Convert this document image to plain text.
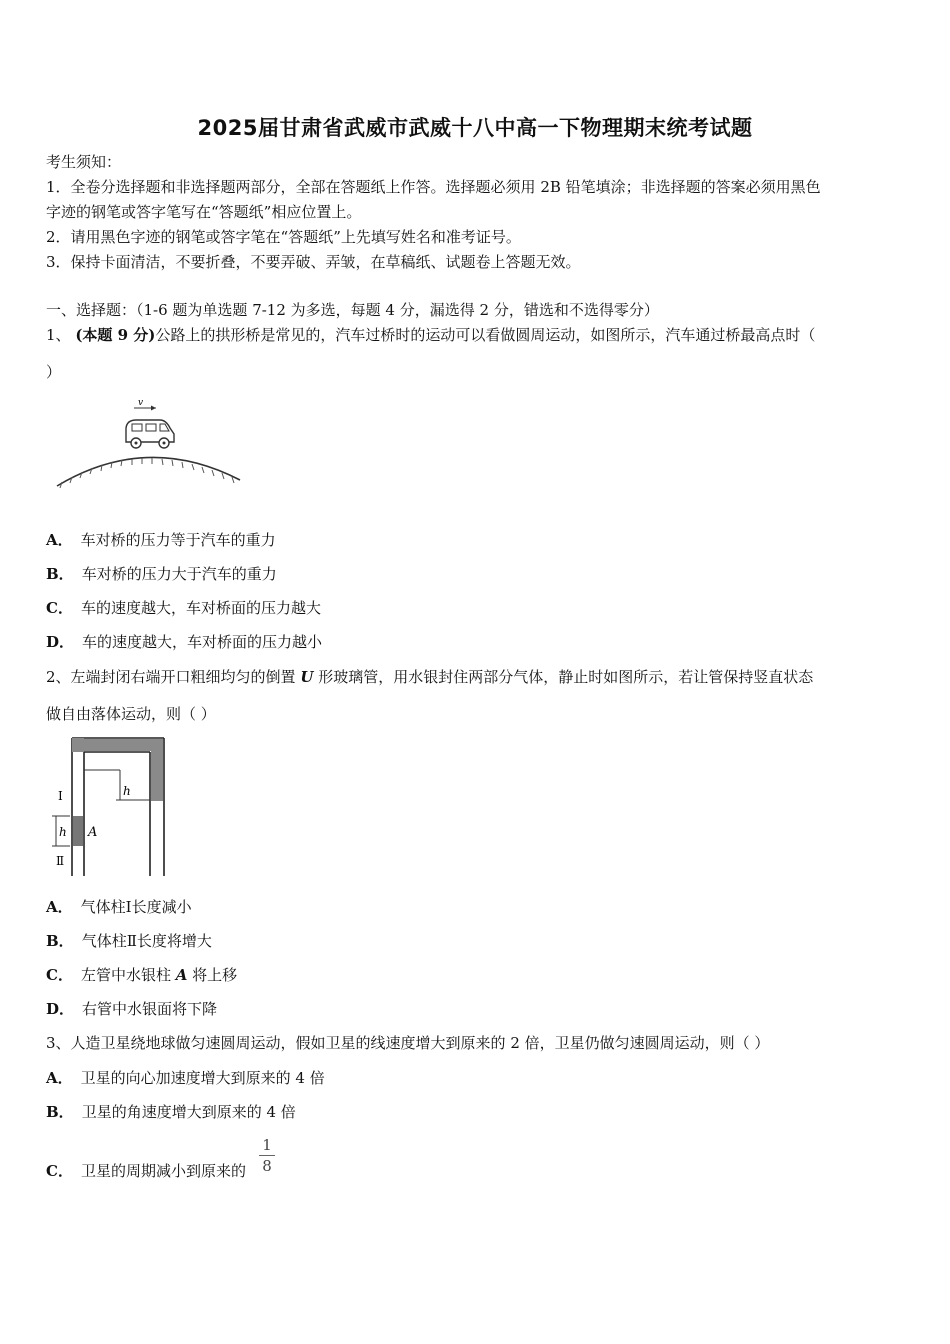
2025届甘肃省武威市武威十八中高一下物理期末统考试题
考生须知：
1．全卷分选择题和非选择题两部分，全部在答题纸上作答。选择题必须用 2B 铅笔填涂；非选择题的答案必须用黑色
字迹的钢笔或答字笔写在“答题纸”相应位置上。
2．请用黑色字迹的钢笔或答字笔在“答题纸”上先填写姓名和准考证号。
3．保持卡面清洁，不要折叠，不要弄破、弄皱，在草稿纸、试题卷上答题无效。
一、选择题：（1-6 题为单选题 7-12 为多选，每题 4 分，漏选得 2 分，错选和不选得零分）
1、 (本题 9 分)公路上的拱形桥是常见的，汽车过桥时的运动可以看做圆周运动，如图所示，汽车通过桥最高点时（
）
v
A． 车对桥的压力等于汽车的重力
B． 车对桥的压力大于汽车的重力
C． 车的速度越大，车对桥面的压力越大
D． 车的速度越大，车对桥面的压力越小
2、左端封闭右端开口粗细均匀的倒置 U 形玻璃管，用水银封住两部分气体，静止时如图所示，若让管保持竖直状态
做自由落体运动，则（ ）
h
h A
Ⅰ
Ⅱ
A． 气体柱Ⅰ长度减小
B． 气体柱Ⅱ长度将增大
C． 左管中水银柱 A 将上移
D． 右管中水银面将下降
3、人造卫星绕地球做匀速圆周运动，假如卫星的线速度增大到原来的 2 倍，卫星仍做匀速圆周运动，则（ ）
A． 卫星的向心加速度增大到原来的 4 倍
B． 卫星的角速度增大到原来的 4 倍
C． 卫星的周期减小到原来的
1
8
